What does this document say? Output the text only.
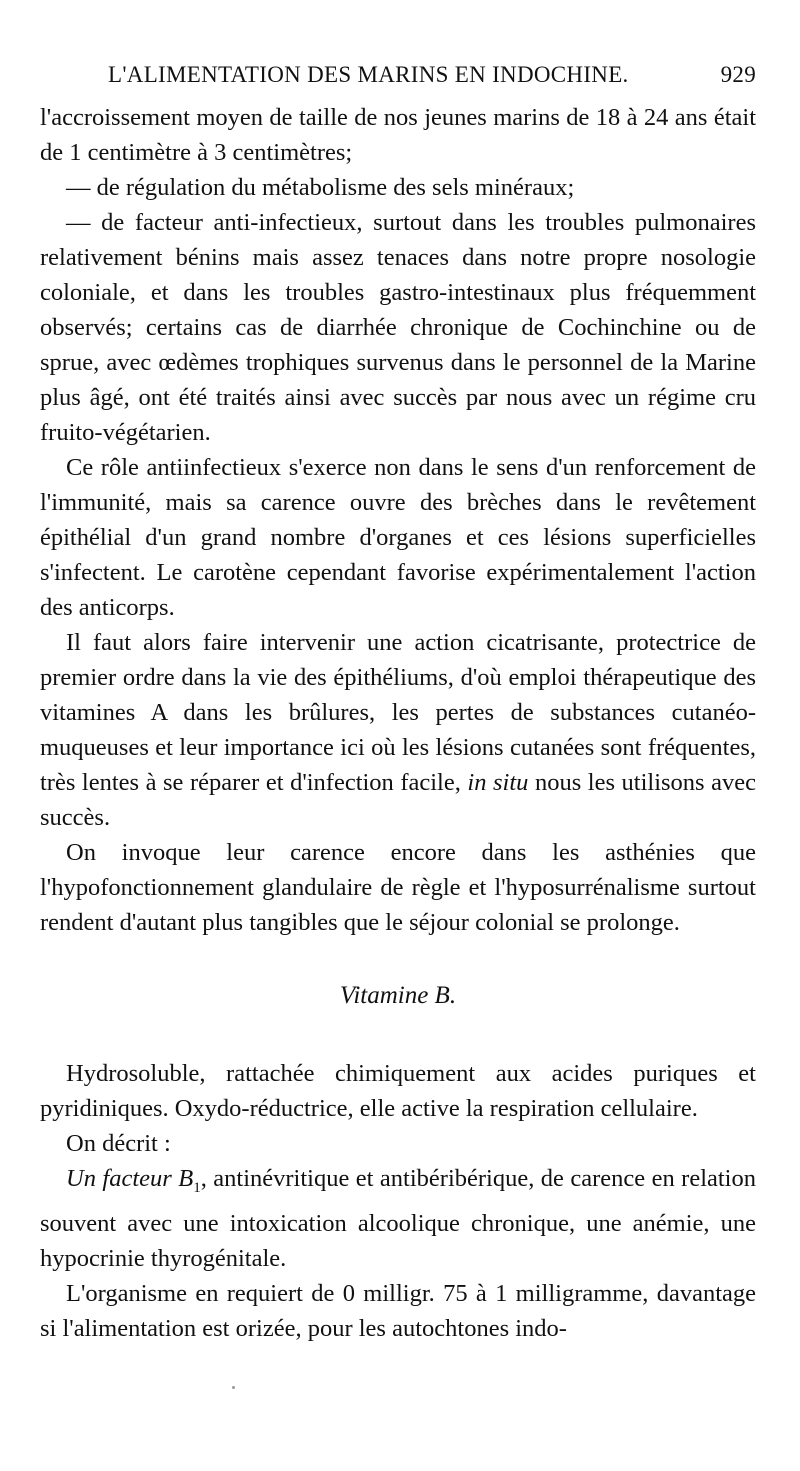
L'ALIMENTATION DES MARINS EN INDOCHINE.	929

l'accroissement moyen de taille de nos jeunes marins de 18 à 24 ans était de 1 centimètre à 3 centimètres;

— de régulation du métabolisme des sels minéraux;

— de facteur anti-infectieux, surtout dans les troubles pulmonaires relativement bénins mais assez tenaces dans notre propre nosologie coloniale, et dans les troubles gastro-intestinaux plus fréquemment observés; certains cas de diarrhée chronique de Cochinchine ou de sprue, avec œdèmes trophiques survenus dans le personnel de la Marine plus âgé, ont été traités ainsi avec succès par nous avec un régime cru fruito-végétarien.

Ce rôle antiinfectieux s'exerce non dans le sens d'un renforcement de l'immunité, mais sa carence ouvre des brèches dans le revêtement épithélial d'un grand nombre d'organes et ces lésions superficielles s'infectent. Le carotène cependant favorise expérimentalement l'action des anticorps.

Il faut alors faire intervenir une action cicatrisante, protectrice de premier ordre dans la vie des épithéliums, d'où emploi thérapeutique des vitamines A dans les brûlures, les pertes de substances cutanéo-muqueuses et leur importance ici où les lésions cutanées sont fréquentes, très lentes à se réparer et d'infection facile, in situ nous les utilisons avec succès.

On invoque leur carence encore dans les asthénies que l'hypofonctionnement glandulaire de règle et l'hyposurrénalisme surtout rendent d'autant plus tangibles que le séjour colonial se prolonge.

Vitamine B.

Hydrosoluble, rattachée chimiquement aux acides puriques et pyridiniques. Oxydo-réductrice, elle active la respiration cellulaire.

On décrit :

Un facteur $B_1$, antinévritique et antibéribérique, de carence en relation souvent avec une intoxication alcoolique chronique, une anémie, une hypocrinie thyrogénitale.

L'organisme en requiert de 0 milligr. 75 à 1 milligramme, davantage si l'alimentation est orizée, pour les autochtones indo-
